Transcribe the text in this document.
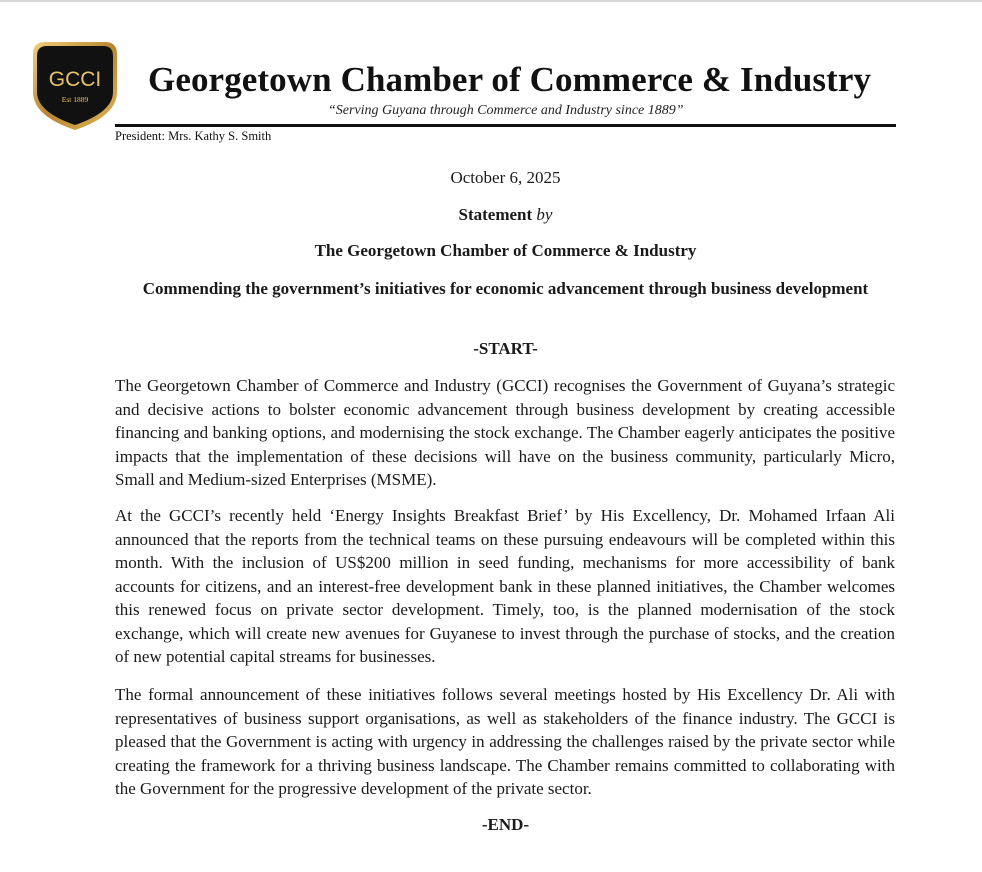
GCCI
Est 1889
Georgetown Chamber of Commerce & Industry
“Serving Guyana through Commerce and Industry since 1889”
President: Mrs. Kathy S. Smith
October 6, 2025
Statement by
The Georgetown Chamber of Commerce & Industry
Commending the government’s initiatives for economic advancement through business development
-START-

The Georgetown Chamber of Commerce and Industry (GCCI) recognises the Government of Guyana’s strategic and decisive actions to bolster economic advancement through business development by creating accessible financing and banking options, and modernising the stock exchange. The Chamber eagerly anticipates the positive impacts that the implementation of these decisions will have on the business community, particularly Micro, Small and Medium-sized Enterprises (MSME).

At the GCCI’s recently held ‘Energy Insights Breakfast Brief’ by His Excellency, Dr. Mohamed Irfaan Ali announced that the reports from the technical teams on these pursuing endeavours will be completed within this month. With the inclusion of US$200 million in seed funding, mechanisms for more accessibility of bank accounts for citizens, and an interest-free development bank in these planned initiatives, the Chamber welcomes this renewed focus on private sector development. Timely, too, is the planned modernisation of the stock exchange, which will create new avenues for Guyanese to invest through the purchase of stocks, and the creation of new potential capital streams for businesses.

The formal announcement of these initiatives follows several meetings hosted by His Excellency Dr. Ali with representatives of business support organisations, as well as stakeholders of the finance industry. The GCCI is pleased that the Government is acting with urgency in addressing the challenges raised by the private sector while creating the framework for a thriving business landscape. The Chamber remains committed to collaborating with the Government for the progressive development of the private sector.

-END-
